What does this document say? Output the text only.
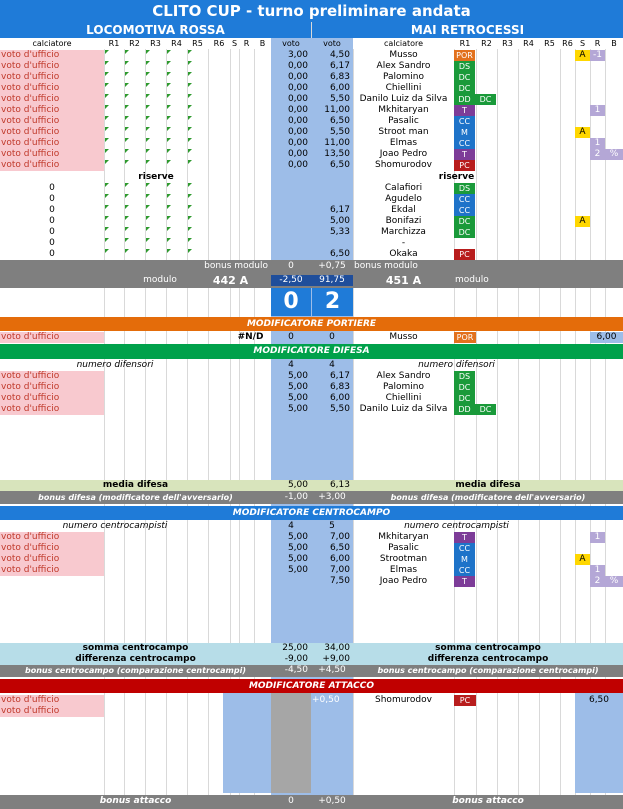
CLITO CUP - turno preliminare andata
LOCOMOTIVA ROSSA	MAI RETROCESSI
calciatore	R1	R2	R3	R4	R5	R6 S R	B	voto	voto	calciatore	R1	R2	R3	R4	R5 R6 S	R	B
voto d'ufficio	3,00	4,50	Musso	POR	A -1
voto d'ufficio	0,00	6,17	Alex Sandro	DS
voto d'ufficio	0,00	6,83	Palomino	DC
voto d'ufficio	0,00	6,00	Chiellini	DC
voto d'ufficio	0,00	5,50	Danilo Luiz da Silva	DD	DC
voto d'ufficio	0,00	11,00	Mkhitaryan	T	1
voto d'ufficio	0,00	6,50	Pasalic	CC
voto d'ufficio	0,00	5,50	Stroot man	M	A
voto d'ufficio	0,00	11,00	Elmas	CC	1
voto d'ufficio	0,00	13,50	Joao Pedro	T	2	%
voto d'ufficio	0,00	6,50	Shomurodov	PC
riserve	riserve
0	Calafiori	DS
0	Agudelo	CC
0	6,17	Ekdal	CC
0	5,00	Bonifazi	DC	A
0	5,33	Marchizza	DC
0	-
0	6,50	Okaka	PC
bonus modulo	0	+0,75 bonus modulo
modulo	442 A	-2,50	91,75	451 A	modulo
0	2
MODIFICATORE PORTIERE
voto d'ufficio	#N/D	0	0	Musso	POR	6,00
MODIFICATORE DIFESA
numero difensori	4	4	numero difensori
voto d'ufficio	5,00	6,17	Alex Sandro	DS
voto d'ufficio	5,00	6,83	Palomino	DC
voto d'ufficio	5,00	6,00	Chiellini	DC
voto d'ufficio	5,00	5,50	Danilo Luiz da Silva	DD	DC
media difesa	5,00	6,13	media difesa
bonus difesa (modificatore dell'avversario)	-1,00	+3,00	bonus difesa (modificatore dell'avversario)
MODIFICATORE CENTROCAMPO
numero centrocampisti	4	5	numero centrocampisti
voto d'ufficio	5,00	7,00	Mkhitaryan	T	1
voto d'ufficio	5,00	6,50	Pasalic	CC
voto d'ufficio	5,00	6,00	Strootman	M	A
voto d'ufficio	5,00	7,00	Elmas	CC	1
7,50	Joao Pedro	T	2	%
somma centrocampo	25,00	34,00	somma centrocampo
differenza centrocampo	-9,00	+9,00	differenza centrocampo
bonus centrocampo (comparazione centrocampi)	-4,50	+4,50	bonus centrocampo (comparazione centrocampi)
MODIFICATORE ATTACCO
voto d'ufficio
voto d'ufficio
+0,50	Shomurodov	PC	6,50
bonus attacco	0	+0,50	bonus attacco
